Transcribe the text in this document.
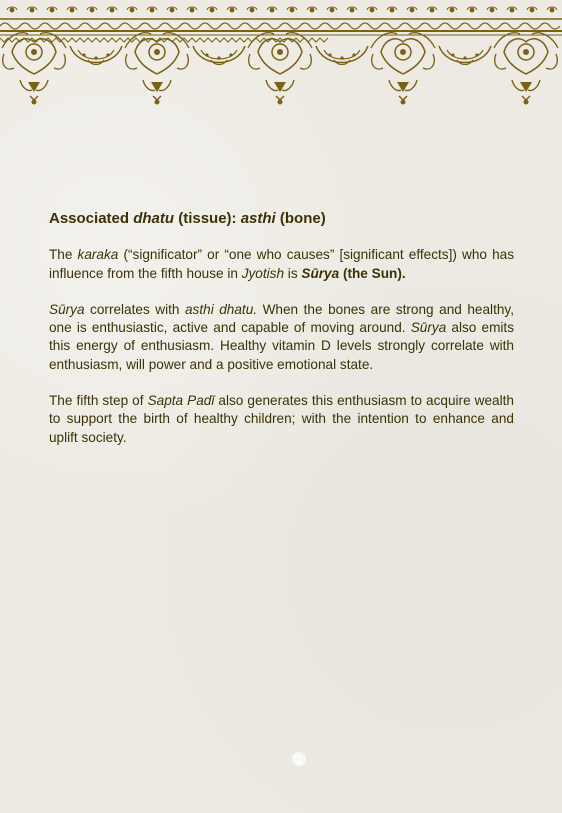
Associated dhatu (tissue): asthi (bone)

The karaka (“significator” or “one who causes” [significant effects]) who has influence from the fifth house in Jyotish is Sūrya (the Sun).

Sūrya correlates with asthi dhatu. When the bones are strong and healthy, one is enthusiastic, active and capable of moving around. Sūrya also emits this energy of enthusiasm. Healthy vitamin D levels strongly correlate with enthusiasm, will power and a positive emotional state.

The fifth step of Sapta Padī also generates this enthusiasm to acquire wealth to support the birth of healthy children; with the intention to enhance and uplift society.
